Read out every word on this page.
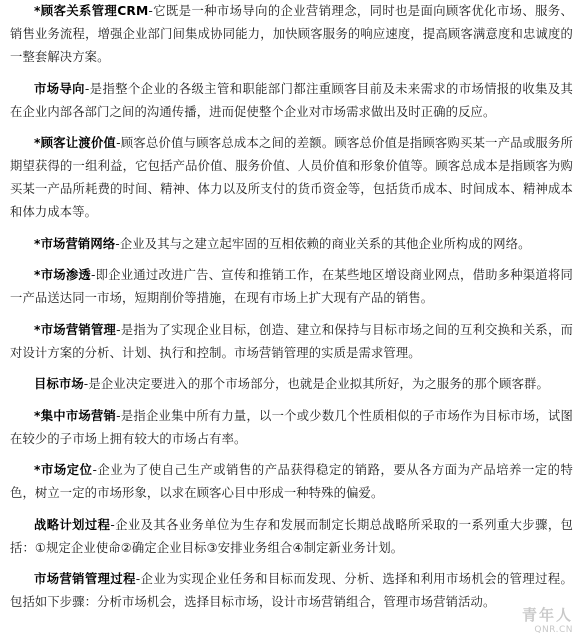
*顾客关系管理CRM-它既是一种市场导向的企业营销理念，同时也是面向顾客优化市场、服务、销售业务流程，增强企业部门间集成协同能力，加快顾客服务的响应速度，提高顾客满意度和忠诚度的一整套解决方案。

市场导向-是指整个企业的各级主管和职能部门都注重顾客目前及未来需求的市场情报的收集及其在企业内部各部门之间的沟通传播，进而促使整个企业对市场需求做出及时正确的反应。

*顾客让渡价值-顾客总价值与顾客总成本之间的差额。顾客总价值是指顾客购买某一产品或服务所期望获得的一组利益，它包括产品价值、服务价值、人员价值和形象价值等。顾客总成本是指顾客为购买某一产品所耗费的时间、精神、体力以及所支付的货币资金等，包括货币成本、时间成本、精神成本和体力成本等。

*市场营销网络-企业及其与之建立起牢固的互相依赖的商业关系的其他企业所构成的网络。

*市场渗透-即企业通过改进广告、宣传和推销工作，在某些地区增设商业网点，借助多种渠道将同一产品送达同一市场，短期削价等措施，在现有市场上扩大现有产品的销售。

*市场营销管理-是指为了实现企业目标，创造、建立和保持与目标市场之间的互利交换和关系，而对设计方案的分析、计划、执行和控制。市场营销管理的实质是需求管理。

目标市场-是企业决定要进入的那个市场部分，也就是企业拟其所好，为之服务的那个顾客群。

*集中市场营销-是指企业集中所有力量，以一个或少数几个性质相似的子市场作为目标市场，试图在较少的子市场上拥有较大的市场占有率。

*市场定位-企业为了使自己生产或销售的产品获得稳定的销路，要从各方面为产品培养一定的特色，树立一定的市场形象，以求在顾客心目中形成一种特殊的偏爱。

战略计划过程-企业及其各业务单位为生存和发展而制定长期总战略所采取的一系列重大步骤，包括：①规定企业使命②确定企业目标③安排业务组合④制定新业务计划。

市场营销管理过程-企业为实现企业任务和目标而发现、分析、选择和利用市场机会的管理过程。包括如下步骤：分析市场机会，选择目标市场，设计市场营销组合，管理市场营销活动。

青年人
QNR.CN
